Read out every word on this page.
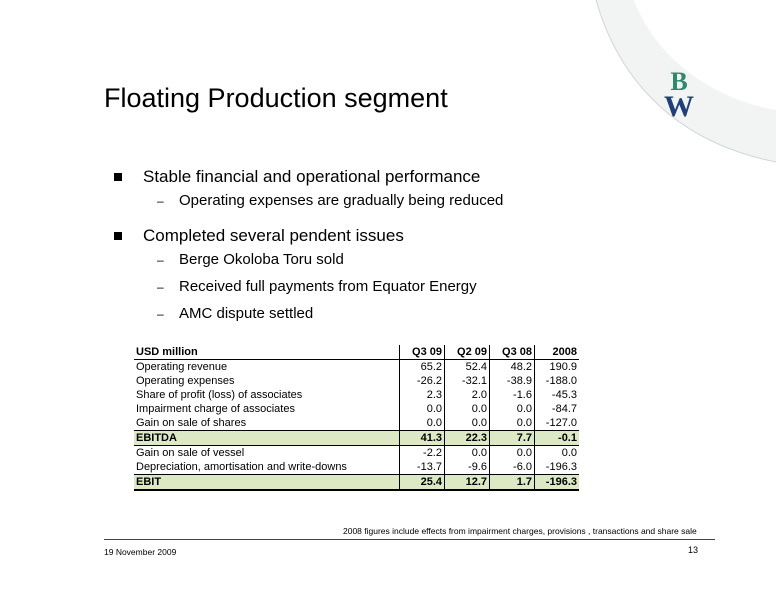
B
W
Floating Production segment
Stable financial and operational performance
– Operating expenses are gradually being reduced
Completed several pendent issues
– Berge Okoloba Toru sold
– Received full payments from Equator Energy
– AMC dispute settled
USD million	Q3 09	Q2 09	Q3 08	2008
Operating revenue	65.2	52.4	48.2	190.9
Operating expenses	-26.2	-32.1	-38.9	-188.0
Share of profit (loss) of associates	2.3	2.0	-1.6	-45.3
Impairment charge of associates	0.0	0.0	0.0	-84.7
Gain on sale of shares	0.0	0.0	0.0	-127.0
EBITDA	41.3	22.3	7.7	-0.1
Gain on sale of vessel	-2.2	0.0	0.0	0.0
Depreciation, amortisation and write-downs	-13.7	-9.6	-6.0	-196.3
EBIT	25.4	12.7	1.7	-196.3
2008 figures include effects from impairment charges, provisions , transactions and share sale
19 November 2009	13
